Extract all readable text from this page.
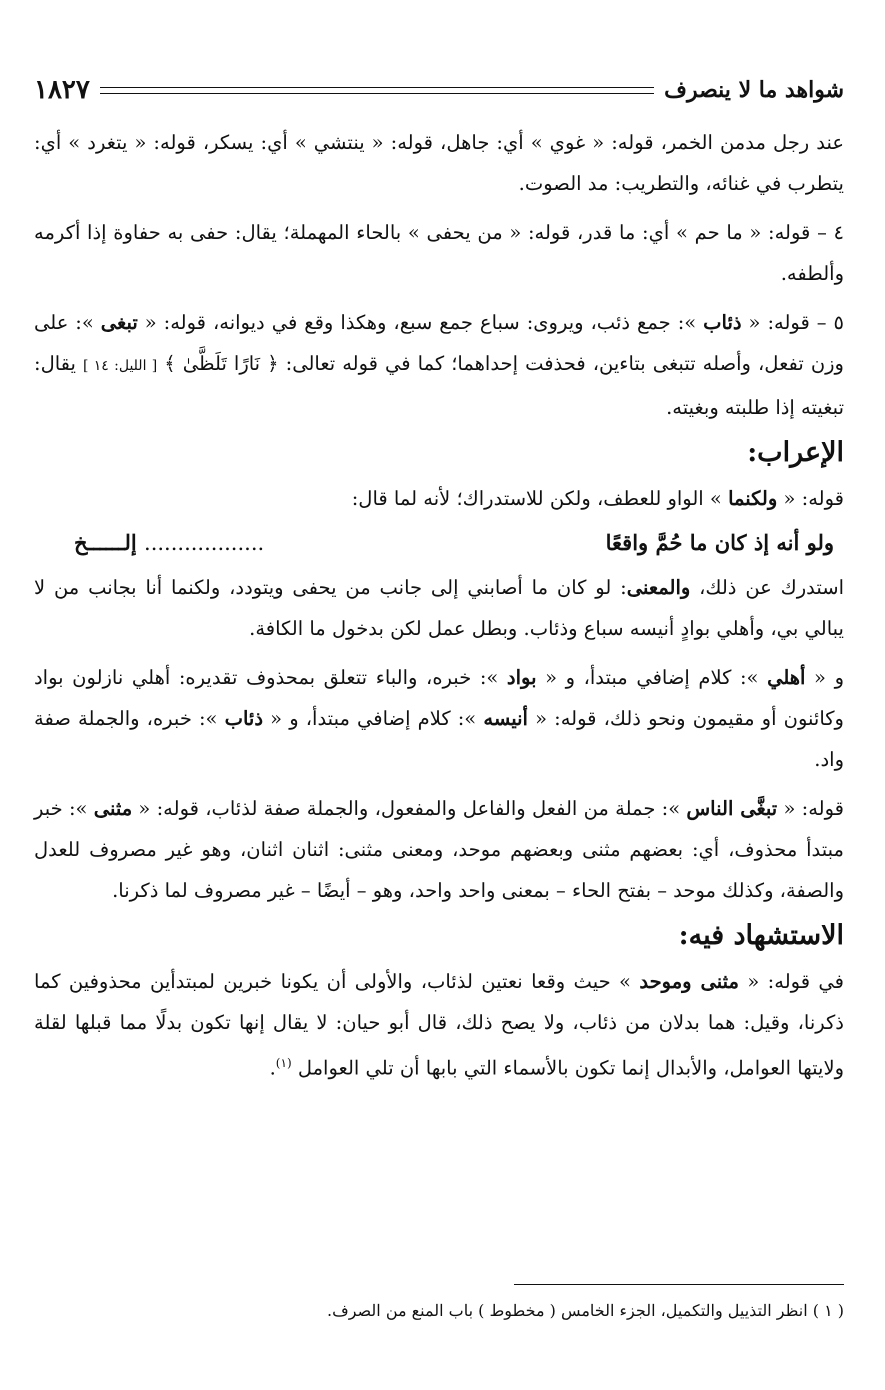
شواهد ما لا ينصرف
١٨٢٧

عند رجل مدمن الخمر، قوله: « غوي » أي: جاهل، قوله: « ينتشي » أي: يسكر، قوله: « يتغرد » أي: يتطرب في غنائه، والتطريب: مد الصوت.

٤ – قوله: « ما حم » أي: ما قدر، قوله: « من يحفى » بالحاء المهملة؛ يقال: حفى به حفاوة إذا أكرمه وألطفه.

٥ – قوله: « ذئاب »: جمع ذئب، ويروى: سباع جمع سبع، وهكذا وقع في ديوانه، قوله: « تبغى »: على وزن تفعل، وأصله تتبغى بتاءين، فحذفت إحداهما؛ كما في قوله تعالى: ﴿ نَارًا تَلَظَّىٰ ﴾ [ الليل: ١٤ ] يقال: تبغيته إذا طلبته وبغيته.

الإعراب:

قوله: « ولكنما » الواو للعطف، ولكن للاستدراك؛ لأنه لما قال:

ولو أنه إذ كان ما حُمَّ واقعًا
.................. إلــــــخ

استدرك عن ذلك، والمعنى: لو كان ما أصابني إلى جانب من يحفى ويتودد، ولكنما أنا بجانب من لا يبالي بي، وأهلي بوادٍ أنيسه سباع وذئاب. وبطل عمل لكن بدخول ما الكافة.

و « أهلي »: كلام إضافي مبتدأ، و « بواد »: خبره، والباء تتعلق بمحذوف تقديره: أهلي نازلون بواد وكائنون أو مقيمون ونحو ذلك، قوله: « أنيسه »: كلام إضافي مبتدأ، و « ذئاب »: خبره، والجملة صفة واد.

قوله: « تبغَّى الناس »: جملة من الفعل والفاعل والمفعول، والجملة صفة لذئاب، قوله: « مثنى »: خبر مبتدأ محذوف، أي: بعضهم مثنى وبعضهم موحد، ومعنى مثنى: اثنان اثنان، وهو غير مصروف للعدل والصفة، وكذلك موحد – بفتح الحاء – بمعنى واحد واحد، وهو – أيضًا – غير مصروف لما ذكرنا.

الاستشهاد فيه:

في قوله: « مثنى وموحد » حيث وقعا نعتين لذئاب، والأولى أن يكونا خبرين لمبتدأين محذوفين كما ذكرنا، وقيل: هما بدلان من ذئاب، ولا يصح ذلك، قال أبو حيان: لا يقال إنها تكون بدلًا مما قبلها لقلة ولايتها العوامل، والأبدال إنما تكون بالأسماء التي بابها أن تلي العوامل $^{(١)}$.

( ١ ) انظر التذييل والتكميل، الجزء الخامس ( مخطوط ) باب المنع من الصرف.
